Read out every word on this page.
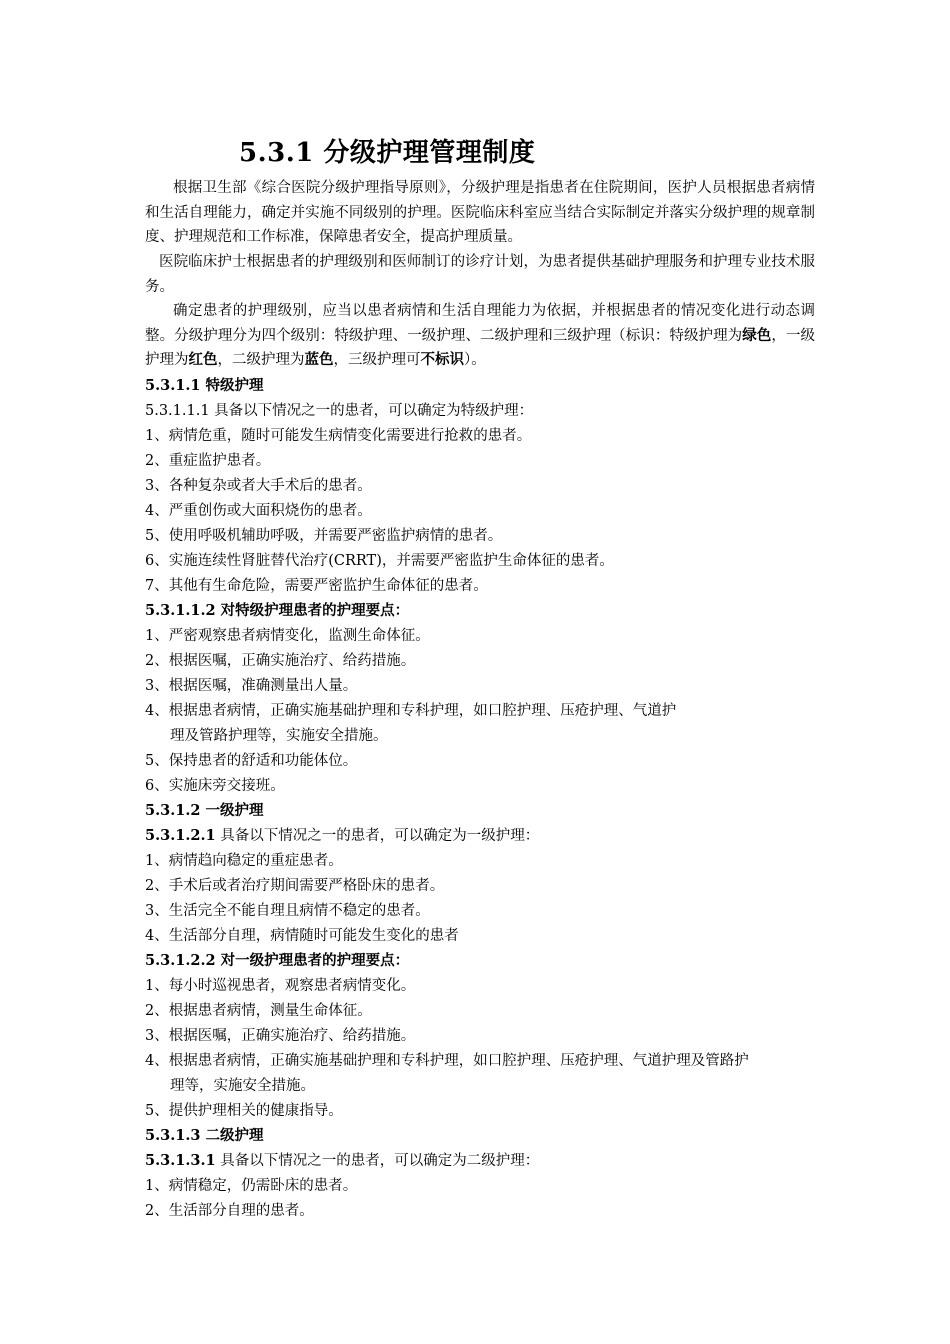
5.3.1 分级护理管理制度
根据卫生部《综合医院分级护理指导原则》，分级护理是指患者在住院期间，医护人员根据患者病情和生活自理能力，确定并实施不同级别的护理。医院临床科室应当结合实际制定并落实分级护理的规章制度、护理规范和工作标准，保障患者安全，提高护理质量。
医院临床护士根据患者的护理级别和医师制订的诊疗计划，为患者提供基础护理服务和护理专业技术服务。
确定患者的护理级别，应当以患者病情和生活自理能力为依据，并根据患者的情况变化进行动态调整。分级护理分为四个级别：特级护理、一级护理、二级护理和三级护理（标识：特级护理为绿色，一级护理为红色，二级护理为蓝色，三级护理可不标识）。
5.3.1.1 特级护理
5.3.1.1.1 具备以下情况之一的患者，可以确定为特级护理：
1、病情危重，随时可能发生病情变化需要进行抢救的患者。
2、重症监护患者。
3、各种复杂或者大手术后的患者。
4、严重创伤或大面积烧伤的患者。
5、使用呼吸机辅助呼吸，并需要严密监护病情的患者。
6、实施连续性肾脏替代治疗(CRRT)，并需要严密监护生命体征的患者。
7、其他有生命危险，需要严密监护生命体征的患者。
5.3.1.1.2 对特级护理患者的护理要点：
1、严密观察患者病情变化，监测生命体征。
2、根据医嘱，正确实施治疗、给药措施。
3、根据医嘱，准确测量出人量。
4、根据患者病情，正确实施基础护理和专科护理，如口腔护理、压疮护理、气道护
理及管路护理等，实施安全措施。
5、保持患者的舒适和功能体位。
6、实施床旁交接班。
5.3.1.2 一级护理
5.3.1.2.1 具备以下情况之一的患者，可以确定为一级护理：
1、病情趋向稳定的重症患者。
2、手术后或者治疗期间需要严格卧床的患者。
3、生活完全不能自理且病情不稳定的患者。
4、生活部分自理，病情随时可能发生变化的患者
5.3.1.2.2 对一级护理患者的护理要点：
1、每小时巡视患者，观察患者病情变化。
2、根据患者病情，测量生命体征。
3、根据医嘱，正确实施治疗、给药措施。
4、根据患者病情，正确实施基础护理和专科护理，如口腔护理、压疮护理、气道护理及管路护
理等，实施安全措施。
5、提供护理相关的健康指导。
5.3.1.3 二级护理
5.3.1.3.1 具备以下情况之一的患者，可以确定为二级护理：
1、病情稳定，仍需卧床的患者。
2、生活部分自理的患者。
